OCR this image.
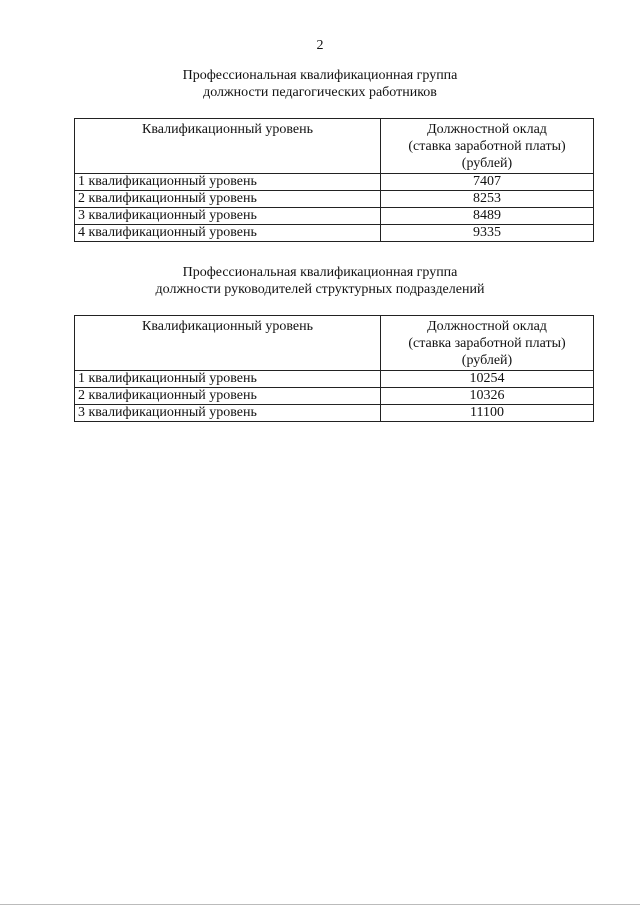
2
Профессиональная квалификационная группа
должности педагогических работников
Квалификационный уровень	Должностной оклад
(ставка заработной платы)
(рублей)
1 квалификационный уровень	7407
2 квалификационный уровень	8253
3 квалификационный уровень	8489
4 квалификационный уровень	9335
Профессиональная квалификационная группа
должности руководителей структурных подразделений
Квалификационный уровень	Должностной оклад
(ставка заработной платы)
(рублей)
1 квалификационный уровень	10254
2 квалификационный уровень	10326
3 квалификационный уровень	11100
